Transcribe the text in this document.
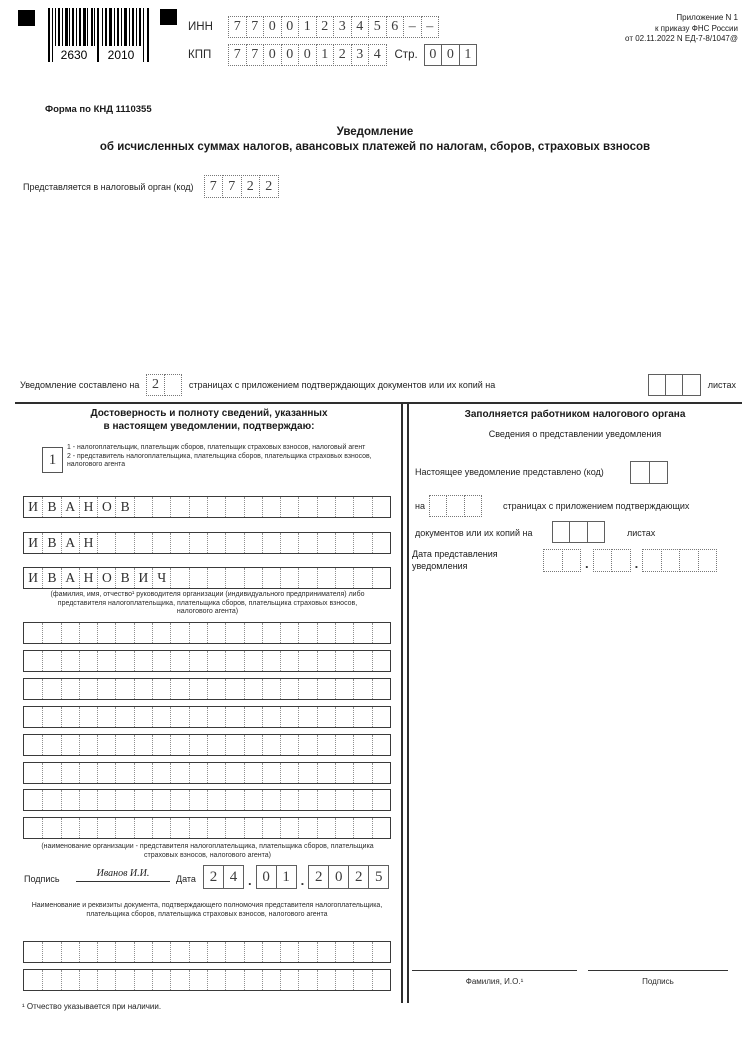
2630 2010
ИНН	7 7 0 0 1 2 3 4 5 6 – –
КПП	7 7 0 0 0 1 2 3 4	Стр. 0 0 1
Приложение N 1
к приказу ФНС России
от 02.11.2022 N ЕД-7-8/1047@
Форма по КНД 1110355
Уведомление
об исчисленных суммах налогов, авансовых платежей по налогам, сборов, страховых взносов
Представляется в налоговый орган (код)	7 7 2 2
Уведомление составлено на 2	страницах с приложением подтверждающих документов или их копий на	листах
Достоверность и полноту сведений, указанных
в настоящем уведомлении, подтверждаю:
1
1 - налогоплательщик, плательщик сборов, плательщик страховых взносов, налоговый агент
2 - представитель налогоплательщика, плательщика сборов, плательщика страховых взносов, налогового агента
И В А Н О В
И В А Н
И В А Н О В И Ч
(фамилия, имя, отчество¹ руководителя организации (индивидуального предпринимателя) либо представителя налогоплательщика, плательщика сборов, плательщика страховых взносов, налогового агента)
(наименование организации - представителя налогоплательщика, плательщика сборов, плательщика страховых взносов, налогового агента)
Подпись	Иванов И.И.	Дата 2 4 . 0 1 . 2 0 2 5
Наименование и реквизиты документа, подтверждающего полномочия представителя налогоплательщика, плательщика сборов, плательщика страховых взносов, налогового агента
¹ Отчество указывается при наличии.
Заполняется работником налогового органа
Сведения о представлении уведомления
Настоящее уведомление представлено (код)
на	страницах с приложением подтверждающих
документов или их копий на	листах
Дата представления
уведомления	.	.
Фамилия, И.О.¹	Подпись
